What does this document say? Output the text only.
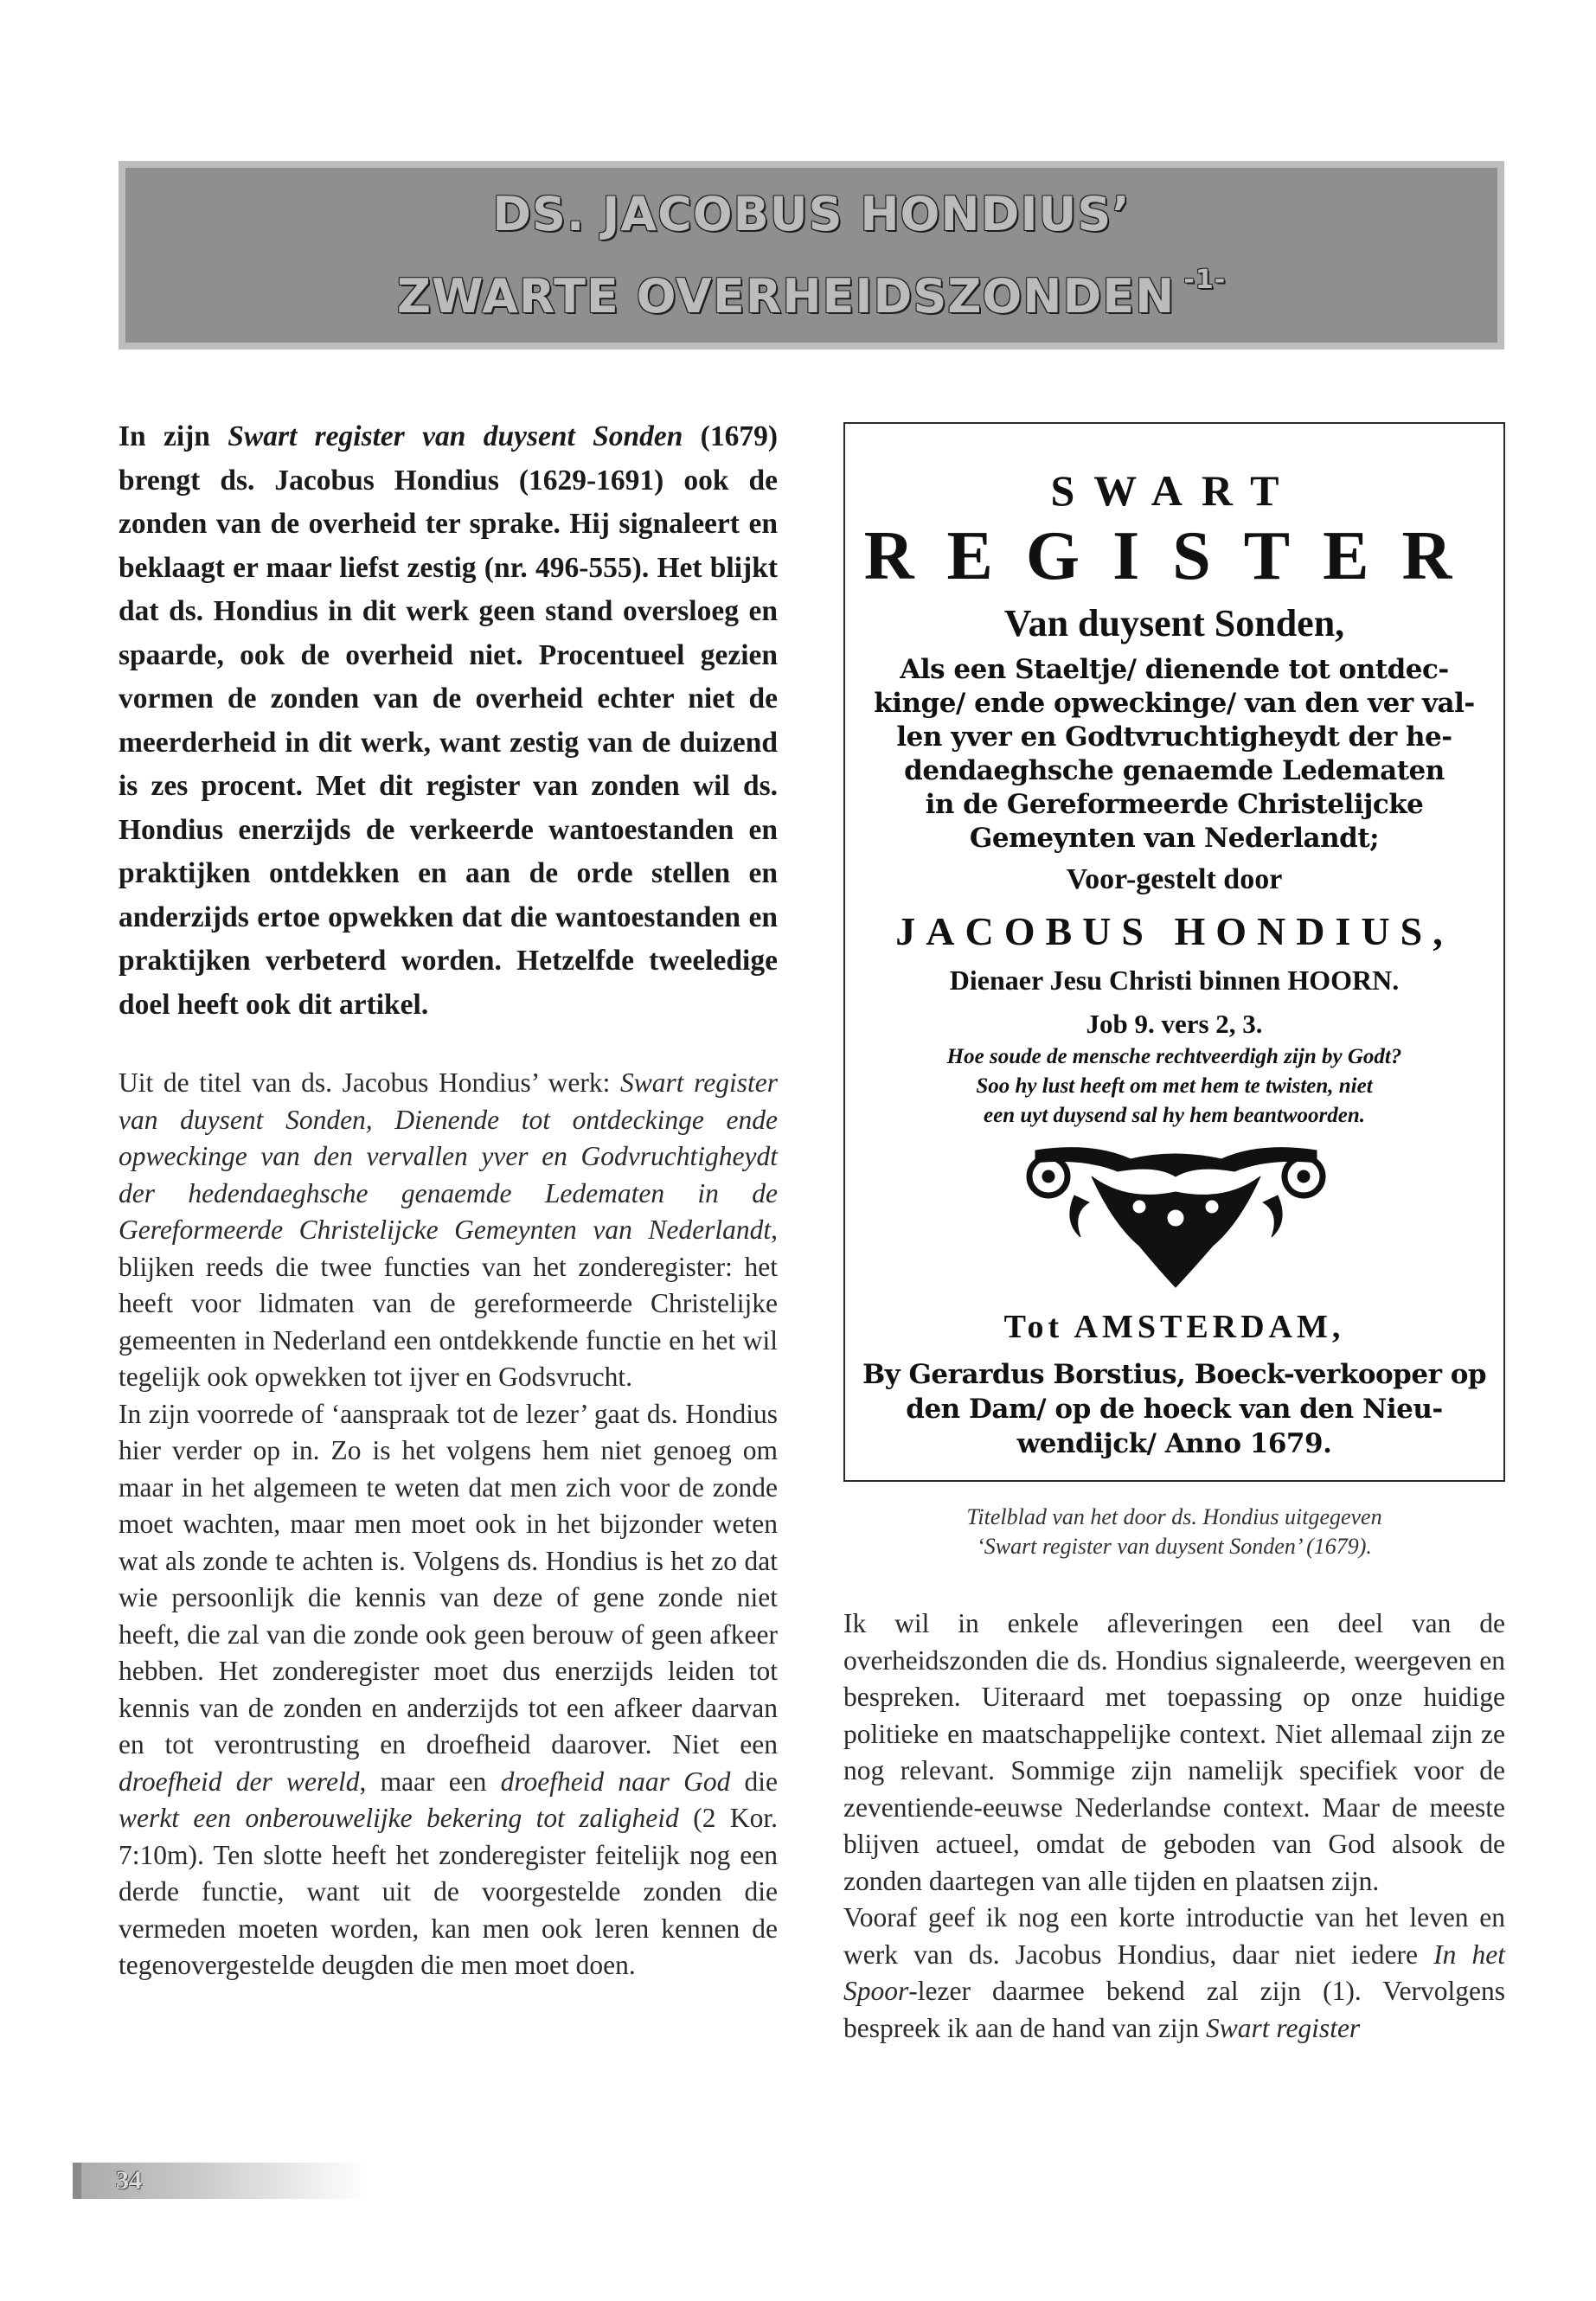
DS. JACOBUS HONDIUS’
ZWARTE OVERHEIDSZONDEN $^{-1-}$

In zijn Swart register van duysent Sonden (1679) brengt ds. Jacobus Hondius (1629-1691) ook de zonden van de overheid ter sprake. Hij signaleert en beklaagt er maar liefst zestig (nr. 496-555). Het blijkt dat ds. Hondius in dit werk geen stand oversloeg en spaarde, ook de overheid niet. Procentueel gezien vormen de zonden van de overheid echter niet de meerderheid in dit werk, want zestig van de duizend is zes procent. Met dit register van zonden wil ds. Hondius enerzijds de verkeerde wantoestanden en praktijken ontdekken en aan de orde stellen en anderzijds ertoe opwekken dat die wantoestanden en praktijken verbeterd worden. Hetzelfde tweeledige doel heeft ook dit artikel.

Uit de titel van ds. Jacobus Hondius’ werk: Swart register van duysent Sonden, Dienende tot ontdeckinge ende opweckinge van den vervallen yver en Godvruchtigheydt der hedendaeghsche genaemde Ledematen in de Gereformeerde Christelijcke Gemeynten van Nederlandt, blijken reeds die twee functies van het zonderegister: het heeft voor lidmaten van de gereformeerde Christelijke gemeenten in Nederland een ontdekkende functie en het wil tegelijk ook opwekken tot ijver en Godsvrucht.

In zijn voorrede of ‘aanspraak tot de lezer’ gaat ds. Hondius hier verder op in. Zo is het volgens hem niet genoeg om maar in het algemeen te weten dat men zich voor de zonde moet wachten, maar men moet ook in het bijzonder weten wat als zonde te achten is. Volgens ds. Hondius is het zo dat wie persoonlijk die kennis van deze of gene zonde niet heeft, die zal van die zonde ook geen berouw of geen afkeer hebben. Het zonderegister moet dus enerzijds leiden tot kennis van de zonden en anderzijds tot een afkeer daarvan en tot verontrusting en droefheid daarover. Niet een droefheid der wereld, maar een droefheid naar God die werkt een onberouwelijke bekering tot zaligheid (2 Kor. 7:10m). Ten slotte heeft het zonderegister feitelijk nog een derde functie, want uit de voorgestelde zonden die vermeden moeten worden, kan men ook leren kennen de tegenovergestelde deugden die men moet doen.

SWART
REGISTER
Van duysent Sonden,
Als een Staeltje/ dienende tot ontdec-
kinge/ ende opweckinge/ van den ver val-
len yver en Godtvruchtigheydt der he-
dendaeghsche genaemde Ledematen
in de Gereformeerde Christelijcke
Gemeynten van Nederlandt;
Voor-gestelt door
JACOBUS HONDIUS,
Dienaer Jesu Christi binnen HOORN.
Job 9. vers 2, 3.
Hoe soude de mensche rechtveerdigh zijn by Godt?
Soo hy lust heeft om met hem te twisten, niet
een uyt duysend sal hy hem beantwoorden.
Tot AMSTERDAM,
By Gerardus Borstius, Boeck-verkooper op
den Dam/ op de hoeck van den Nieu-
wendijck/ Anno 1679.
Titelblad van het door ds. Hondius uitgegeven
‘Swart register van duysent Sonden’ (1679).

Ik wil in enkele afleveringen een deel van de overheidszonden die ds. Hondius signaleerde, weergeven en bespreken. Uiteraard met toepassing op onze huidige politieke en maatschappelijke context. Niet allemaal zijn ze nog relevant. Sommige zijn namelijk specifiek voor de zeventiende-eeuwse Nederlandse context. Maar de meeste blijven actueel, omdat de geboden van God alsook de zonden daartegen van alle tijden en plaatsen zijn.

Vooraf geef ik nog een korte introductie van het leven en werk van ds. Jacobus Hondius, daar niet iedere In het Spoor-lezer daarmee bekend zal zijn (1). Vervolgens bespreek ik aan de hand van zijn Swart register

34
